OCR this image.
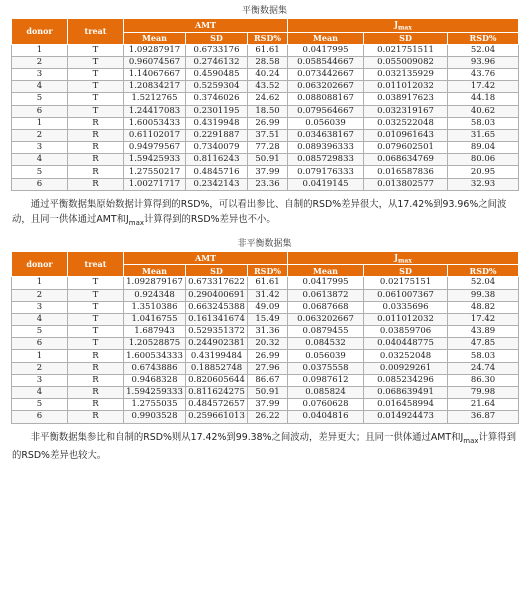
平衡数据集
donor	treat	AMT			$J_{max}$
		Mean	SD	RSD%	Mean	SD	RSD%
1	T	1.09287917	0.6733176	61.61	0.0417995	0.021751511	52.04
2	T	0.96074567	0.2746132	28.58	0.058544667	0.055009082	93.96
3	T	1.14067667	0.4590485	40.24	0.073442667	0.032135929	43.76
4	T	1.20834217	0.5259304	43.52	0.063202667	0.011012032	17.42
5	T	1.5212765	0.3746026	24.62	0.088088167	0.038917623	44.18
6	T	1.24417083	0.2301195	18.50	0.079564667	0.032319167	40.62
1	R	1.60053433	0.4319948	26.99	0.056039	0.032522048	58.03
2	R	0.61102017	0.2291887	37.51	0.034638167	0.010961643	31.65
3	R	0.94979567	0.7340079	77.28	0.089396333	0.079602501	89.04
4	R	1.59425933	0.8116243	50.91	0.085729833	0.068634769	80.06
5	R	1.27550217	0.4845716	37.99	0.079176333	0.016587836	20.95
6	R	1.00271717	0.2342143	23.36	0.0419145	0.013802577	32.93

通过平衡数据集原始数据计算得到的RSD%，可以看出参比、自制的RSD%差异很大，从17.42%到93.96%之间波动，且同一供体通过AMT和$J_{max}$计算得到的RSD%差异也不小。

非平衡数据集
donor	treat	AMT			$J_{max}$
		Mean	SD	RSD%	Mean	SD	RSD%
1	T	1.092879167	0.673317622	61.61	0.0417995	0.02175151	52.04
2	T	0.924348	0.290400691	31.42	0.0613872	0.061007367	99.38
3	T	1.3510386	0.663245388	49.09	0.0687668	0.0335696	48.82
4	T	1.0416755	0.161341674	15.49	0.063202667	0.011012032	17.42
5	T	1.687943	0.529351372	31.36	0.0879455	0.03859706	43.89
6	T	1.20528875	0.244902381	20.32	0.084532	0.040448775	47.85
1	R	1.600534333	0.43199484	26.99	0.056039	0.03252048	58.03
2	R	0.6743886	0.18852748	27.96	0.0375558	0.00929261	24.74
3	R	0.9468328	0.820605644	86.67	0.0987612	0.085234296	86.30
4	R	1.594259333	0.811624275	50.91	0.085824	0.068639491	79.98
5	R	1.2755035	0.484572657	37.99	0.0760628	0.016458994	21.64
6	R	0.9903528	0.259661013	26.22	0.0404816	0.014924473	36.87

非平衡数据集参比和自制的RSD%则从17.42%到99.38%之间波动，差异更大；且同一供体通过AMT和$J_{max}$计算得到的RSD%差异也较大。
